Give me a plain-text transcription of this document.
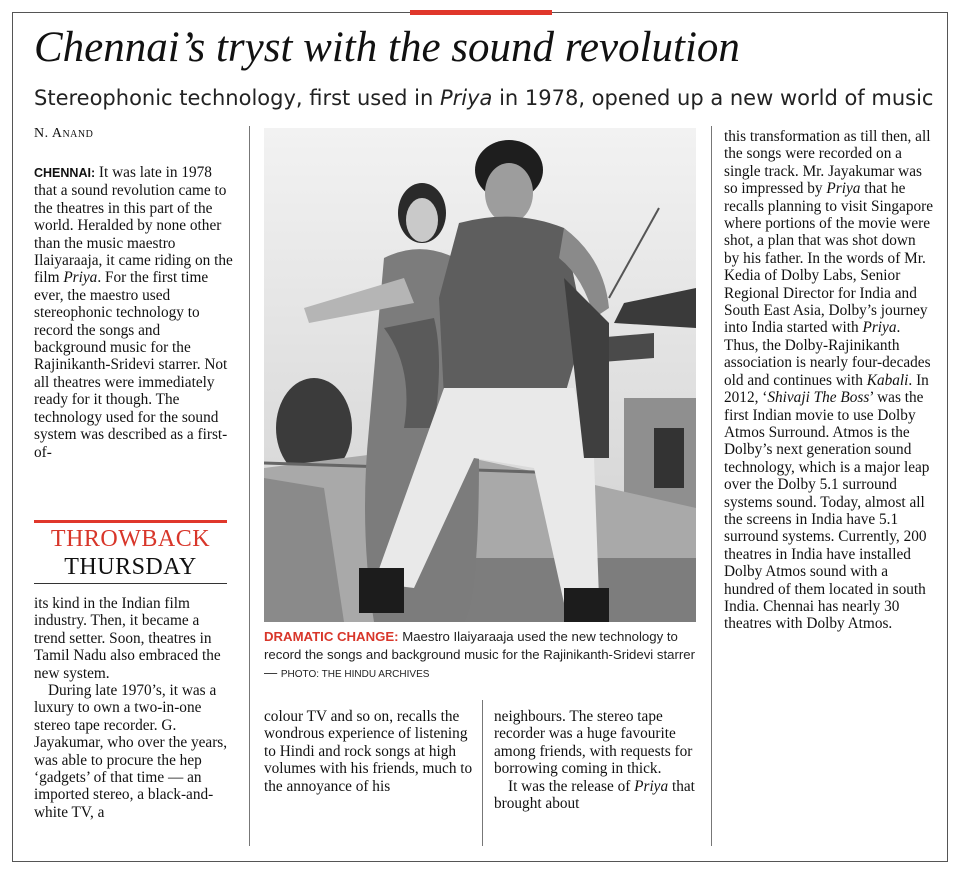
Chennai’s tryst with the sound revolution
Stereophonic technology, first used in Priya in 1978, opened up a new world of music
N. Anand

CHENNAI: It was late in 1978 that a sound revolution came to the theatres in this part of the world. Heralded by none other than the music maestro Ilaiyaraaja, it came riding on the film Priya. For the first time ever, the maestro used stereophonic technology to record the songs and background music for the Rajinikanth-Sridevi starrer. Not all theatres were immediately ready for it though. The technology used for the sound system was described as a first-of-

THROWBACK
THURSDAY

its kind in the Indian film industry. Then, it became a trend setter. Soon, theatres in Tamil Nadu also embraced the new system.

During late 1970’s, it was a luxury to own a two-in-one stereo tape recorder. G. Jayakumar, who over the years, was able to procure the hep ‘gadgets’ of that time — an imported stereo, a black-and-white TV, a

DRAMATIC CHANGE: Maestro Ilaiyaraaja used the new technology to record the songs and background music for the Rajinikanth-Sridevi starrer — PHOTO: THE HINDU ARCHIVES

colour TV and so on, recalls the wondrous experience of listening to Hindi and rock songs at high volumes with his friends, much to the annoyance of his

neighbours. The stereo tape recorder was a huge favourite among friends, with requests for borrowing coming in thick.

It was the release of Priya that brought about

this transformation as till then, all the songs were recorded on a single track. Mr. Jayakumar was so impressed by Priya that he recalls planning to visit Singapore where portions of the movie were shot, a plan that was shot down by his father. In the words of Mr. Kedia of Dolby Labs, Senior Regional Director for India and South East Asia, Dolby’s journey into India started with Priya. Thus, the Dolby-Rajinikanth association is nearly four-decades old and continues with Kabali. In 2012, ‘Shivaji The Boss’ was the first Indian movie to use Dolby Atmos Surround. Atmos is the Dolby’s next generation sound technology, which is a major leap over the Dolby 5.1 surround systems sound. Today, almost all the screens in India have 5.1 surround systems. Currently, 200 theatres in India have installed Dolby Atmos sound with a hundred of them located in south India. Chennai has nearly 30 theatres with Dolby Atmos.
